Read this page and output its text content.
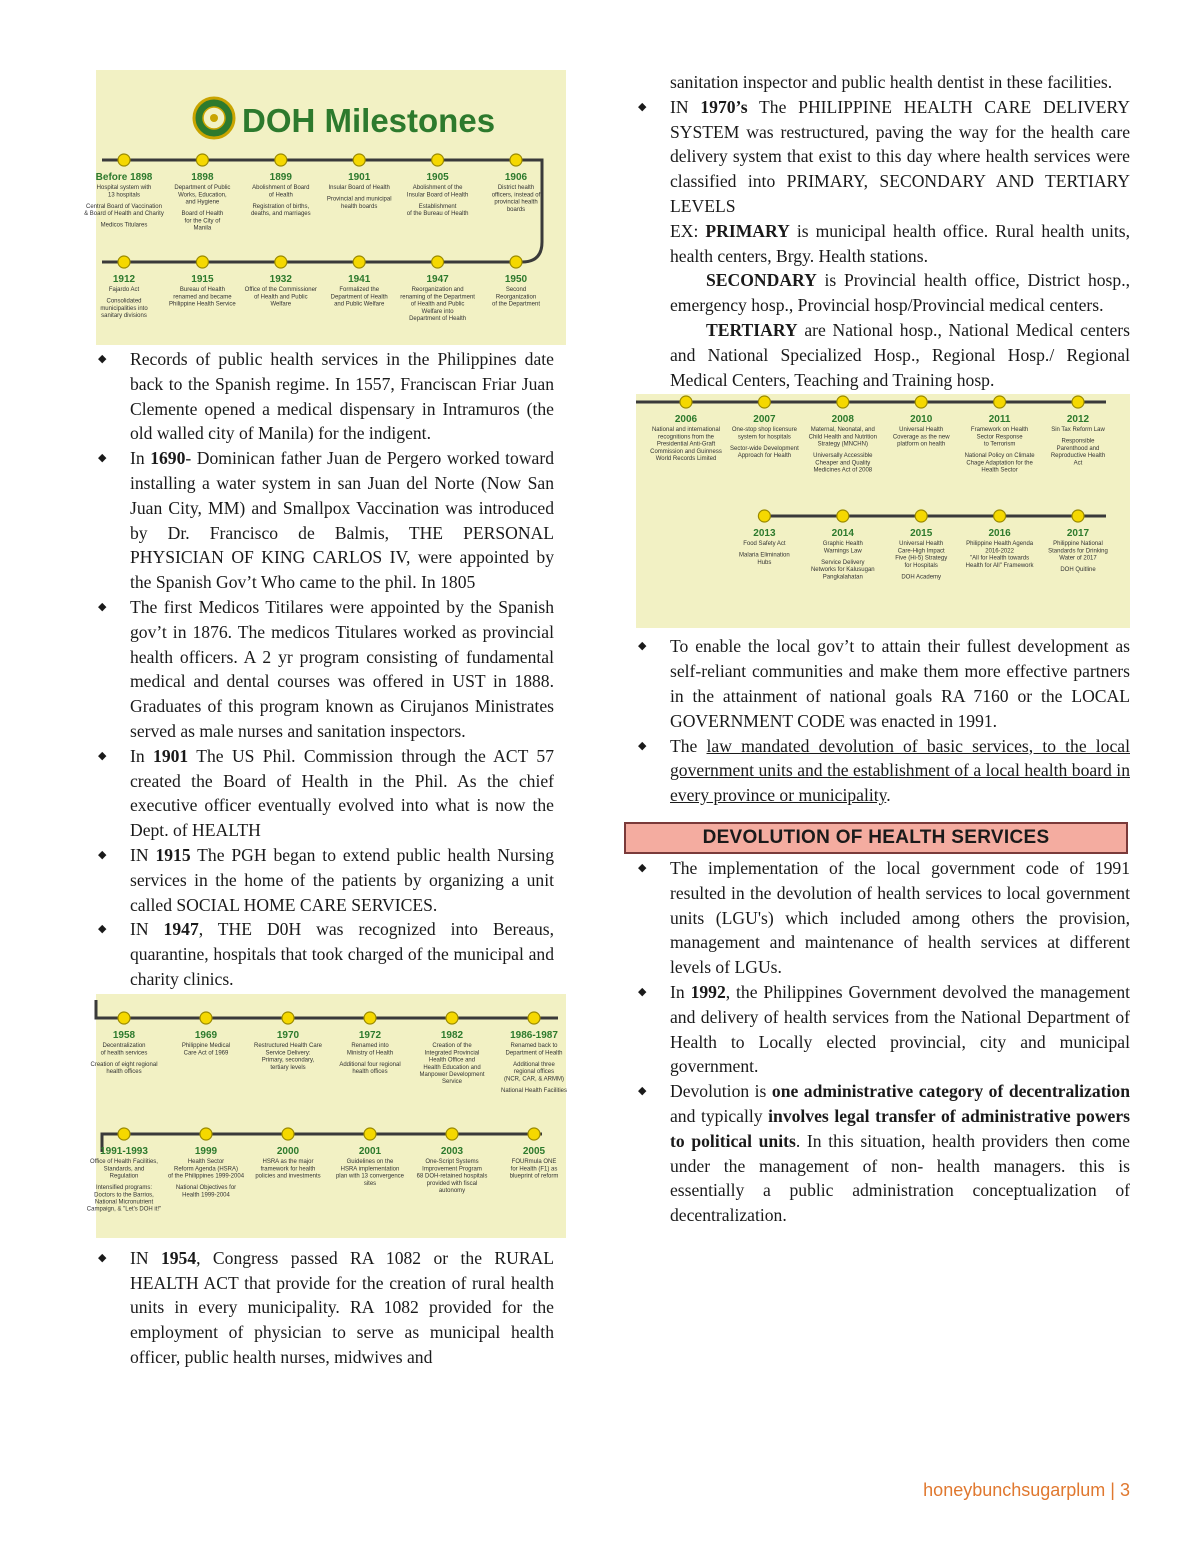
DOH Milestones
Before 1898
Hospital system with
13 hospitals
Central Board of Vaccination
& Board of Health and Charity
Medicos Titulares
1898
Department of Public
Works, Education,
and Hygiene
Board of Health
for the City of
Manila
1899
Abolishment of Board
of Health
Registration of births,
deaths, and marriages
1901
Insular Board of Health
Provincial and municipal
health boards
1905
Abolishment of the
Insular Board of Health
Establishment
of the Bureau of Health
1906
District health
officers, instead of
provincial health
boards
1950
Second
Reorganization
of the Department
1947
Reorganization and
renaming of the Department
of Health and Public
Welfare into
Department of Health
1941
Formalized the
Department of Health
and Public Welfare
1932
Office of the Commissioner
of Health and Public
Welfare
1915
Bureau of Health
renamed and became
Philippine Health Service
1912
Fajardo Act
Consolidated
municipalities into
sanitary divisions
◆ Records of public health services in the Philippines date back to the Spanish regime. In 1557, Franciscan Friar Juan Clemente opened a medical dispensary in Intramuros (the old walled city of Manila) for the indigent.
◆ In 1690- Dominican father Juan de Pergero worked toward installing a water system in san Juan del Norte (Now San Juan City, MM) and Smallpox Vaccination was introduced by Dr. Francisco de Balmis, THE PERSONAL PHYSICIAN OF KING CARLOS IV, were appointed by the Spanish Gov’t Who came to the phil. In 1805
◆ The first Medicos Titilares were appointed by the Spanish gov’t in 1876. The medicos Titulares worked as provincial health officers. A 2 yr program consisting of fundamental medical and dental courses was offered in UST in 1888. Graduates of this program known as Cirujanos Ministrates served as male nurses and sanitation inspectors.
◆ In 1901 The US Phil. Commission through the ACT 57 created the Board of Health in the Phil. As the chief executive officer eventually evolved into what is now the Dept. of HEALTH
◆ IN 1915 The PGH began to extend public health Nursing services in the home of the patients by organizing a unit called SOCIAL HOME CARE SERVICES.
◆ IN 1947, THE D0H was recognized into Bereaus, quarantine, hospitals that took charged of the municipal and charity clinics.
1958
Decentralization
of health services
Creation of eight regional
health offices
1969
Philippine Medical
Care Act of 1969
1970
Restructured Health Care
Service Delivery:
Primary, secondary,
tertiary levels
1972
Renamed into
Ministry of Health
Additional four regional
health offices
1982
Creation of the
Integrated Provincial
Health Office and
Health Education and
Manpower Development
Service
1986-1987
Renamed back to
Department of Health
Additional three
regional offices
(NCR, CAR, & ARMM)
National Health Facilities
2005
FOURmula ONE
for Health (F1) as
blueprint of reform
2003
One-Script Systems
Improvement Program
68 DOH-retained hospitals
provided with fiscal
autonomy
2001
Guidelines on the
HSRA implementation
plan with 13 convergence
sites
2000
HSRA as the major
framework for health
policies and investments
1999
Health Sector
Reform Agenda (HSRA)
of the Philippines 1999-2004
National Objectives for
Health 1999-2004
1991-1993
Office of Health Facilities,
Standards, and
Regulation
Intensified programs:
Doctors to the Barrios,
National Micronutrient
Campaign, & "Let's DOH it!"
◆ IN 1954, Congress passed RA 1082 or the RURAL HEALTH ACT that provide for the creation of rural health units in every municipality. RA 1082 provided for the employment of physician to serve as municipal health officer, public health nurses, midwives and

sanitation inspector and public health dentist in these facilities.

◆ IN 1970’s The PHILIPPINE HEALTH CARE DELIVERY SYSTEM was restructured, paving the way for the health care delivery system that exist to this day where health services were classified into PRIMARY, SECONDARY AND TERTIARY LEVELS

EX: PRIMARY is municipal health office. Rural health units, health centers, Brgy. Health stations.

SECONDARY is Provincial health office, District hosp., emergency hosp., Provincial hosp/Provincial medical centers.

TERTIARY are National hosp., National Medical centers and National Specialized Hosp., Regional Hosp./ Regional Medical Centers, Teaching and Training hosp.

2006
National and international
recognitions from the
Presidential Anti-Graft
Commission and Guinness
World Records Limited
2007
One-stop shop licensure
system for hospitals
Sector-wide Development
Approach for Health
2008
Maternal, Neonatal, and
Child Health and Nutrition
Strategy (MNCHN)
Universally Accessible
Cheaper and Quality
Medicines Act of 2008
2010
Universal Health
Coverage as the new
platform on health
2011
Framework on Health
Sector Response
to Terrorism
National Policy on Climate
Chage Adaptation for the
Health Sector
2012
Sin Tax Reform Law
Responsible
Parenthood and
Reproductive Health
Act
2017
Philippine National
Standards for Drinking
Water of 2017
DOH Quitline
2016
Philippine Health Agenda
2016-2022
"All for Health towards
Health for All" Framework
2015
Universal Health
Care-High Impact
Five (Hi-5) Strategy
for Hospitals
DOH Academy
2014
Graphic Health
Warnings Law
Service Delivery
Networks for Kalusugan
Pangkalahatan
2013
Food Safety Act
Malaria Elimination
Hubs
◆ To enable the local gov’t to attain their fullest development as self-reliant communities and make them more effective partners in the attainment of national goals RA 7160 or the LOCAL GOVERNMENT CODE was enacted in 1991.
◆ The law mandated devolution of basic services, to the local government units and the establishment of a local health board in every province or municipality.
DEVOLUTION OF HEALTH SERVICES
◆ The implementation of the local government code of 1991 resulted in the devolution of health services to local government units (LGU's) which included among others the provision, management and maintenance of health services at different levels of LGUs.
◆ In 1992, the Philippines Government devolved the management and delivery of health services from the National Department of Health to Locally elected provincial, city and municipal government.
◆ Devolution is one administrative category of decentralization and typically involves legal transfer of administrative powers to political units. In this situation, health providers then come under the management of non- health managers. this is essentially a public administration conceptualization of decentralization.
honeybunchsugarplum | 3
